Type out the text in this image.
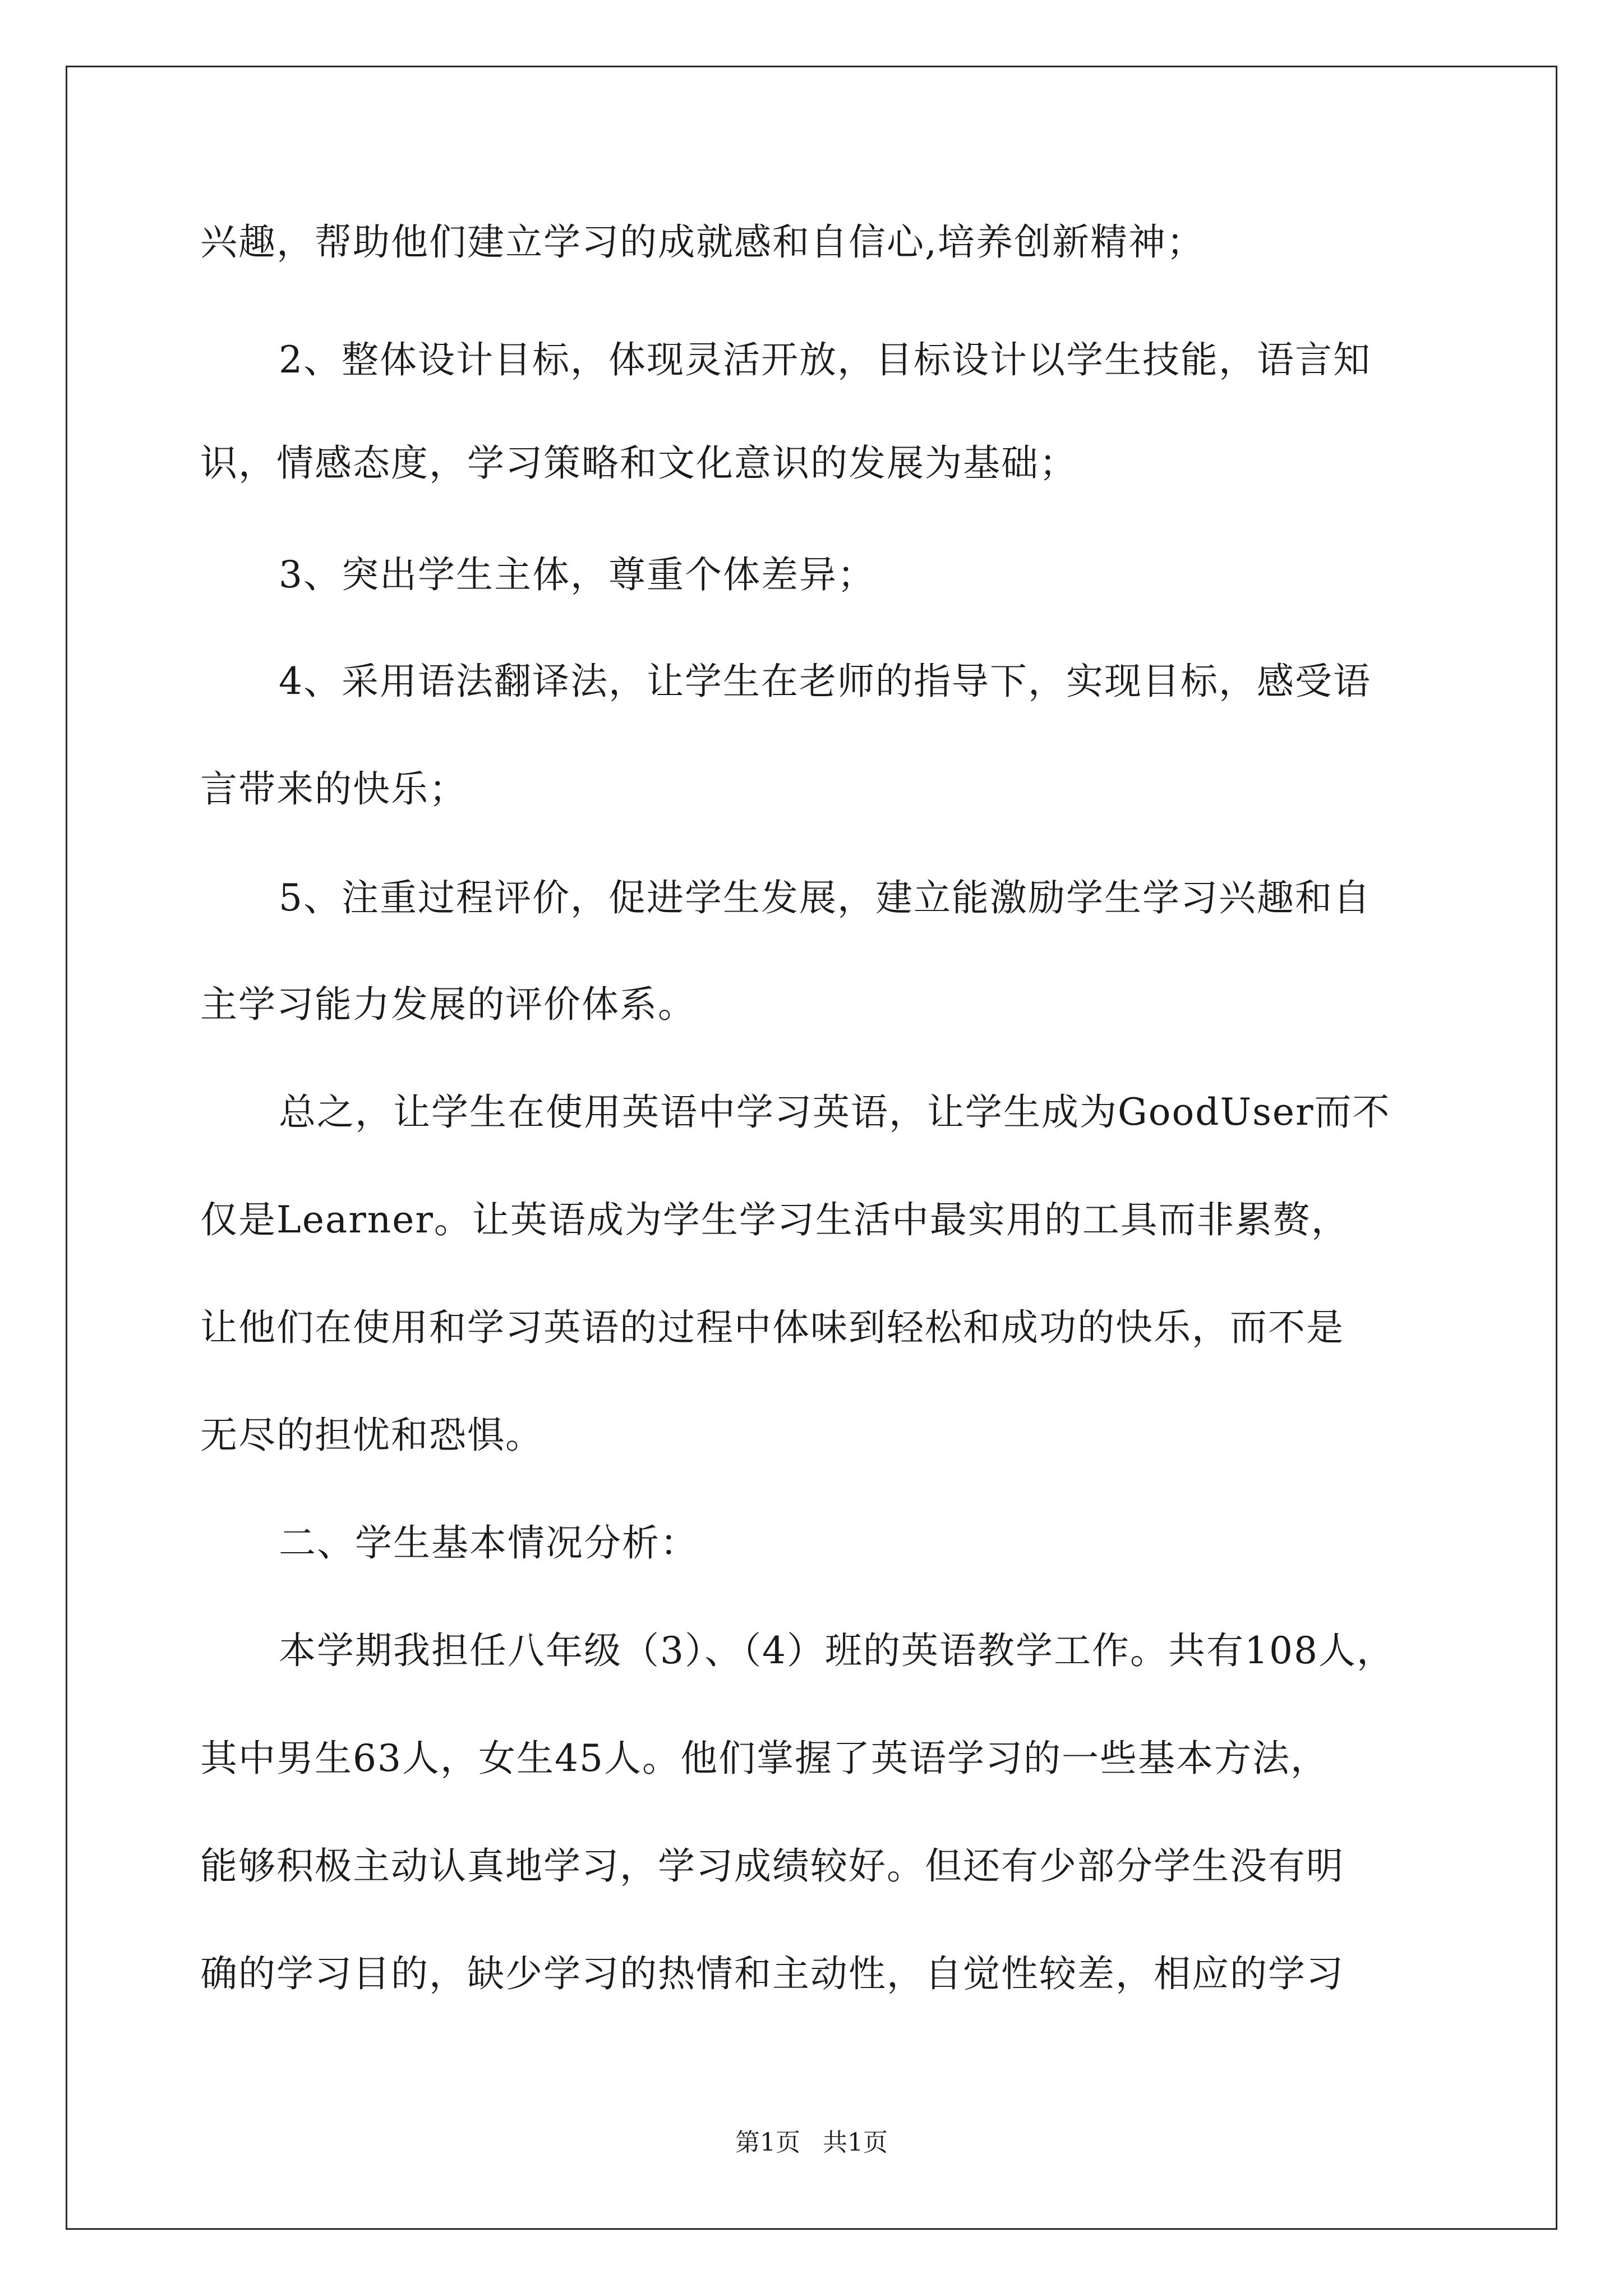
兴趣，帮助他们建立学习的成就感和自信心,培养创新精神；
2、整体设计目标，体现灵活开放，目标设计以学生技能，语言知
识，情感态度，学习策略和文化意识的发展为基础；
3、突出学生主体，尊重个体差异；
4、采用语法翻译法，让学生在老师的指导下，实现目标，感受语
言带来的快乐；
5、注重过程评价，促进学生发展，建立能激励学生学习兴趣和自
主学习能力发展的评价体系。
总之，让学生在使用英语中学习英语，让学生成为GoodUser而不
仅是Learner。让英语成为学生学习生活中最实用的工具而非累赘，
让他们在使用和学习英语的过程中体味到轻松和成功的快乐，而不是
无尽的担忧和恐惧。
二、学生基本情况分析：
本学期我担任八年级（3）、（4）班的英语教学工作。共有108人，
其中男生63人，女生45人。他们掌握了英语学习的一些基本方法，
能够积极主动认真地学习，学习成绩较好。但还有少部分学生没有明
确的学习目的，缺少学习的热情和主动性，自觉性较差，相应的学习
第1页 共1页
